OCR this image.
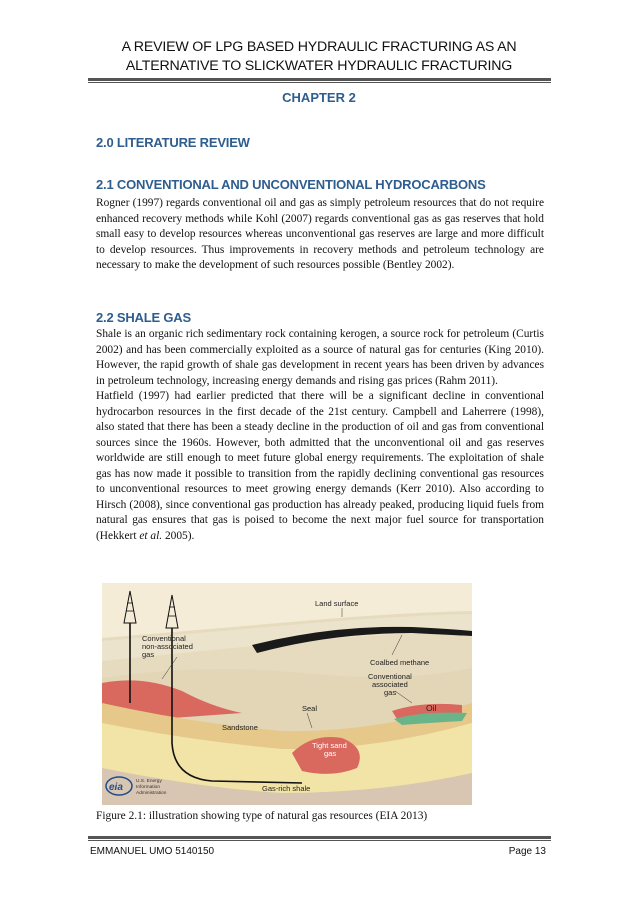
A REVIEW OF LPG BASED HYDRAULIC FRACTURING AS AN
ALTERNATIVE TO SLICKWATER HYDRAULIC FRACTURING
CHAPTER 2
2.0 LITERATURE REVIEW
2.1 CONVENTIONAL AND UNCONVENTIONAL HYDROCARBONS

Rogner (1997) regards conventional oil and gas as simply petroleum resources that do not require enhanced recovery methods while Kohl (2007) regards conventional gas as gas reserves that hold small easy to develop resources whereas unconventional gas reserves are large and more difficult to develop resources. Thus improvements in recovery methods and petroleum technology are necessary to make the development of such resources possible (Bentley 2002).

2.2 SHALE GAS

Shale is an organic rich sedimentary rock containing kerogen, a source rock for petroleum (Curtis 2002) and has been commercially exploited as a source of natural gas for centuries (King 2010). However, the rapid growth of shale gas development in recent years has been driven by advances in petroleum technology, increasing energy demands and rising gas prices (Rahm 2011).

Hatfield (1997) had earlier predicted that there will be a significant decline in conventional hydrocarbon resources in the first decade of the 21st century. Campbell and Laherrere (1998), also stated that there has been a steady decline in the production of oil and gas from conventional sources since the 1960s. However, both admitted that the unconventional oil and gas reserves worldwide are still enough to meet future global energy requirements. The exploitation of shale gas has now made it possible to transition from the rapidly declining conventional gas resources to unconventional resources to meet growing energy demands (Kerr 2010). Also according to Hirsch (2008), since conventional gas production has already peaked, producing liquid fuels from natural gas ensures that gas is poised to become the next major fuel source for transportation (Hekkert et al. 2005).

Land surface
Conventional
non-associated
gas
Coalbed methane
Conventional
associated
gas
Oil
Seal
Sandstone
Tight sand
gas
Gas-rich shale
eia
U.S. Energy
Information
Administration
Figure 2.1: illustration showing type of natural gas resources (EIA 2013)
EMMANUEL UMO 5140150	Page 13
